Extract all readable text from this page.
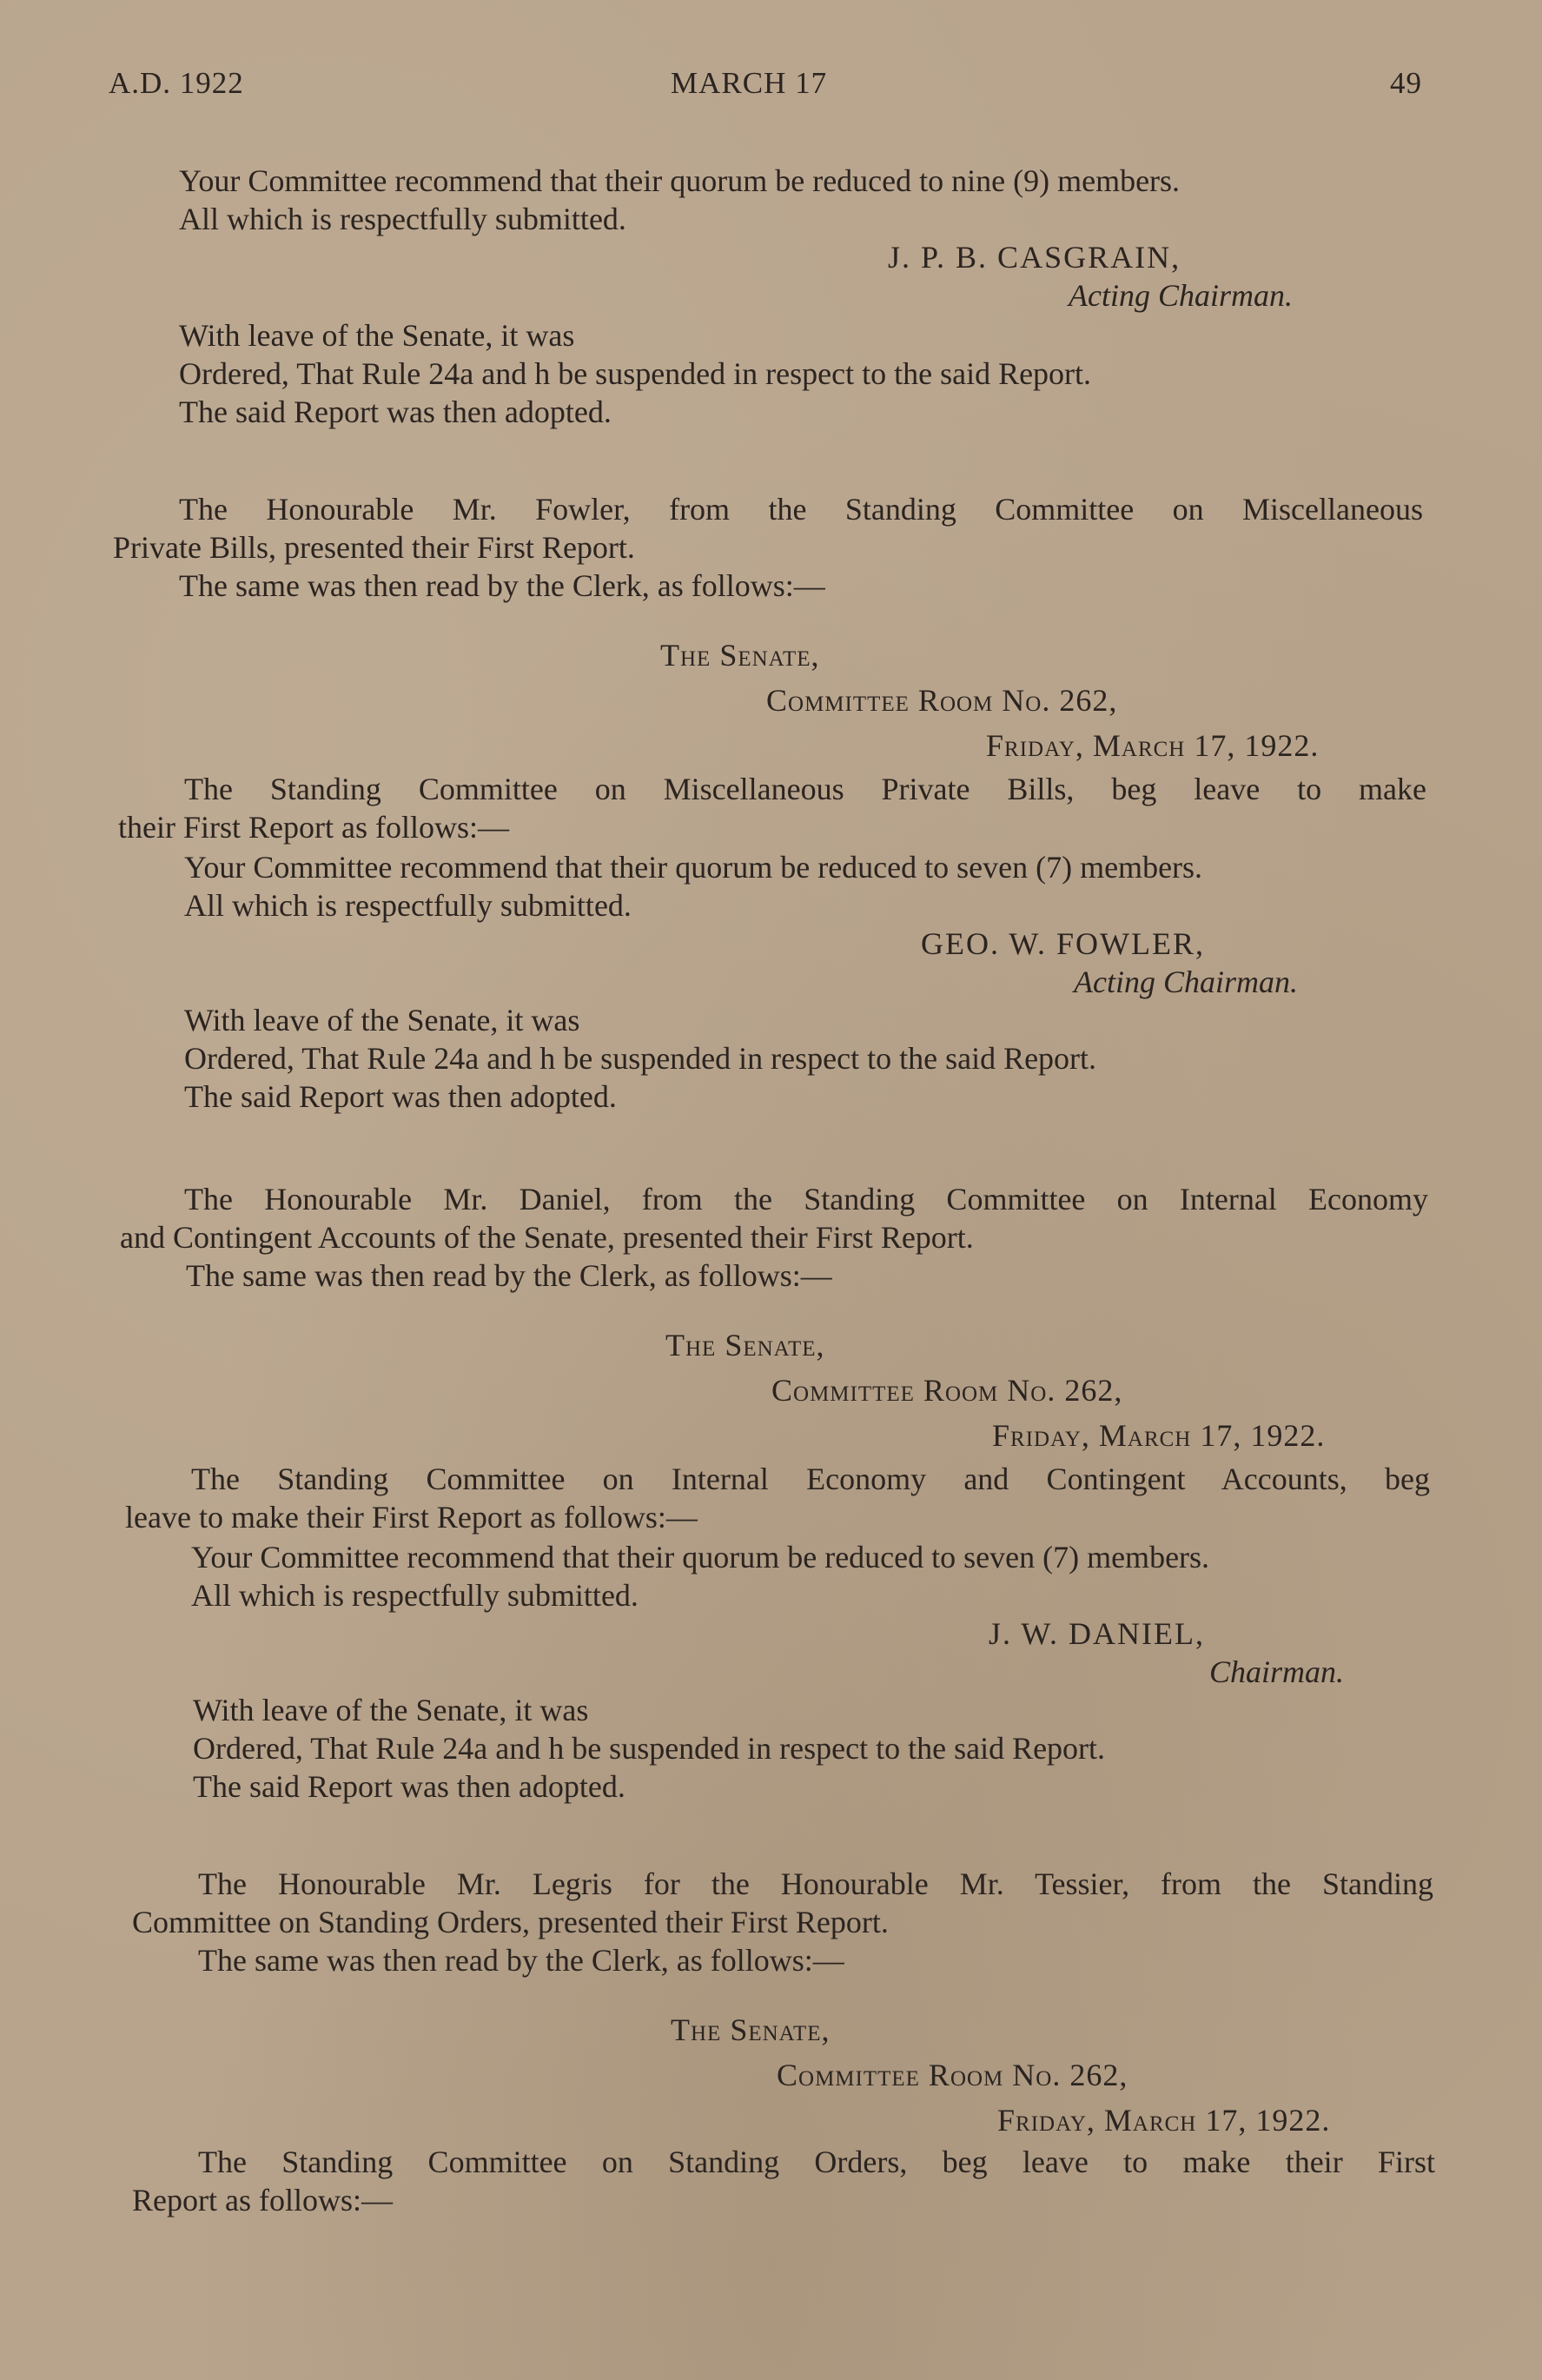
A.D. 1922	MARCH 17	49
Your Committee recommend that their quorum be reduced to nine (9) members.
All which is respectfully submitted.
J. P. B. CASGRAIN,
Acting Chairman.
With leave of the Senate, it was
Ordered, That Rule 24a and h be suspended in respect to the said Report.
The said Report was then adopted.
The Honourable Mr. Fowler, from the Standing Committee on Miscellaneous
Private Bills, presented their First Report.
The same was then read by the Clerk, as follows:—
The Senate,
Committee Room No. 262,
Friday, March 17, 1922.
The Standing Committee on Miscellaneous Private Bills, beg leave to make
their First Report as follows:—
Your Committee recommend that their quorum be reduced to seven (7) members.
All which is respectfully submitted.
GEO. W. FOWLER,
Acting Chairman.
With leave of the Senate, it was
Ordered, That Rule 24a and h be suspended in respect to the said Report.
The said Report was then adopted.
The Honourable Mr. Daniel, from the Standing Committee on Internal Economy
and Contingent Accounts of the Senate, presented their First Report.
The same was then read by the Clerk, as follows:—
The Senate,
Committee Room No. 262,
Friday, March 17, 1922.
The Standing Committee on Internal Economy and Contingent Accounts, beg
leave to make their First Report as follows:—
Your Committee recommend that their quorum be reduced to seven (7) members.
All which is respectfully submitted.
J. W. DANIEL,
Chairman.
With leave of the Senate, it was
Ordered, That Rule 24a and h be suspended in respect to the said Report.
The said Report was then adopted.
The Honourable Mr. Legris for the Honourable Mr. Tessier, from the Standing
Committee on Standing Orders, presented their First Report.
The same was then read by the Clerk, as follows:—
The Senate,
Committee Room No. 262,
Friday, March 17, 1922.
The Standing Committee on Standing Orders, beg leave to make their First
Report as follows:—
